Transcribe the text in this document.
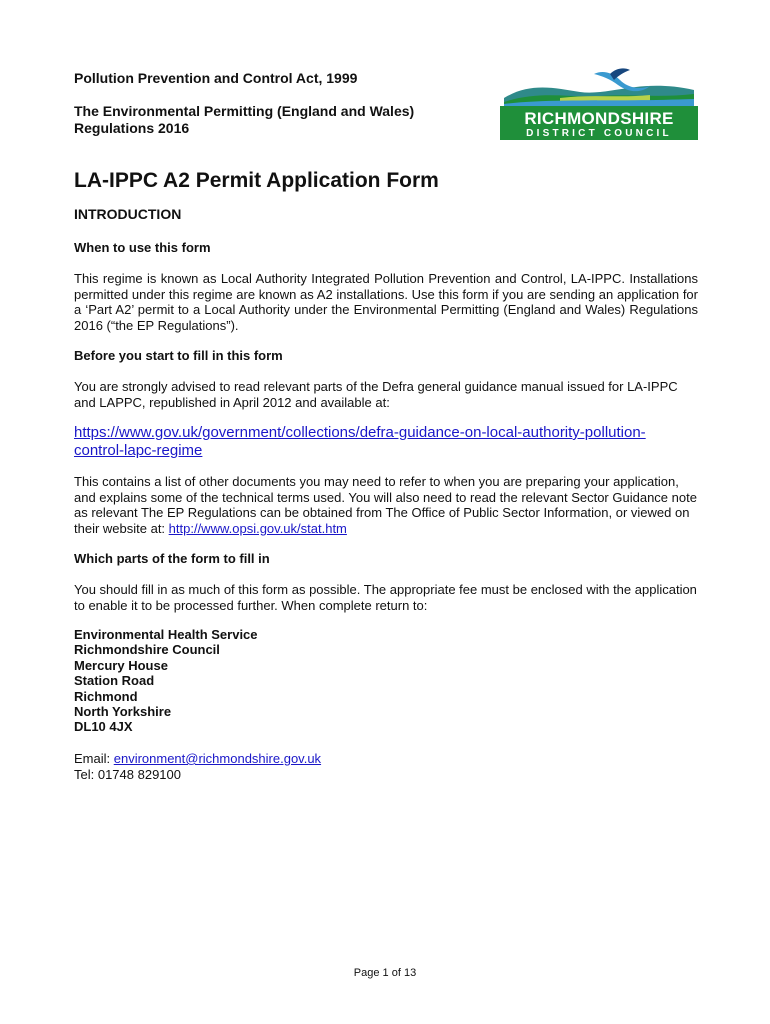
Pollution Prevention and Control Act, 1999
The Environmental Permitting (England and Wales)
Regulations 2016	RICHMONDSHIRE
DISTRICT COUNCIL
LA-IPPC A2 Permit Application Form
INTRODUCTION
When to use this form

This regime is known as Local Authority Integrated Pollution Prevention and Control, LA-IPPC. Installations permitted under this regime are known as A2 installations. Use this form if you are sending an application for a ‘Part A2’ permit to a Local Authority under the Environmental Permitting (England and Wales) Regulations 2016 (“the EP Regulations”).

Before you start to fill in this form

You are strongly advised to read relevant parts of the Defra general guidance manual issued for LA-IPPC and LAPPC, republished in April 2012 and available at:

https://www.gov.uk/government/collections/defra-guidance-on-local-authority-pollution-
control-lapc-regime

This contains a list of other documents you may need to refer to when you are preparing your application, and explains some of the technical terms used. You will also need to read the relevant Sector Guidance note as relevant The EP Regulations can be obtained from The Office of Public Sector Information, or viewed on their website at: http://www.opsi.gov.uk/stat.htm

Which parts of the form to fill in

You should fill in as much of this form as possible. The appropriate fee must be enclosed with the application to enable it to be processed further. When complete return to:

Environmental Health Service
Richmondshire Council
Mercury House
Station Road
Richmond
North Yorkshire
DL10 4JX
Email: environment@richmondshire.gov.uk
Tel: 01748 829100
Page 1 of 13
